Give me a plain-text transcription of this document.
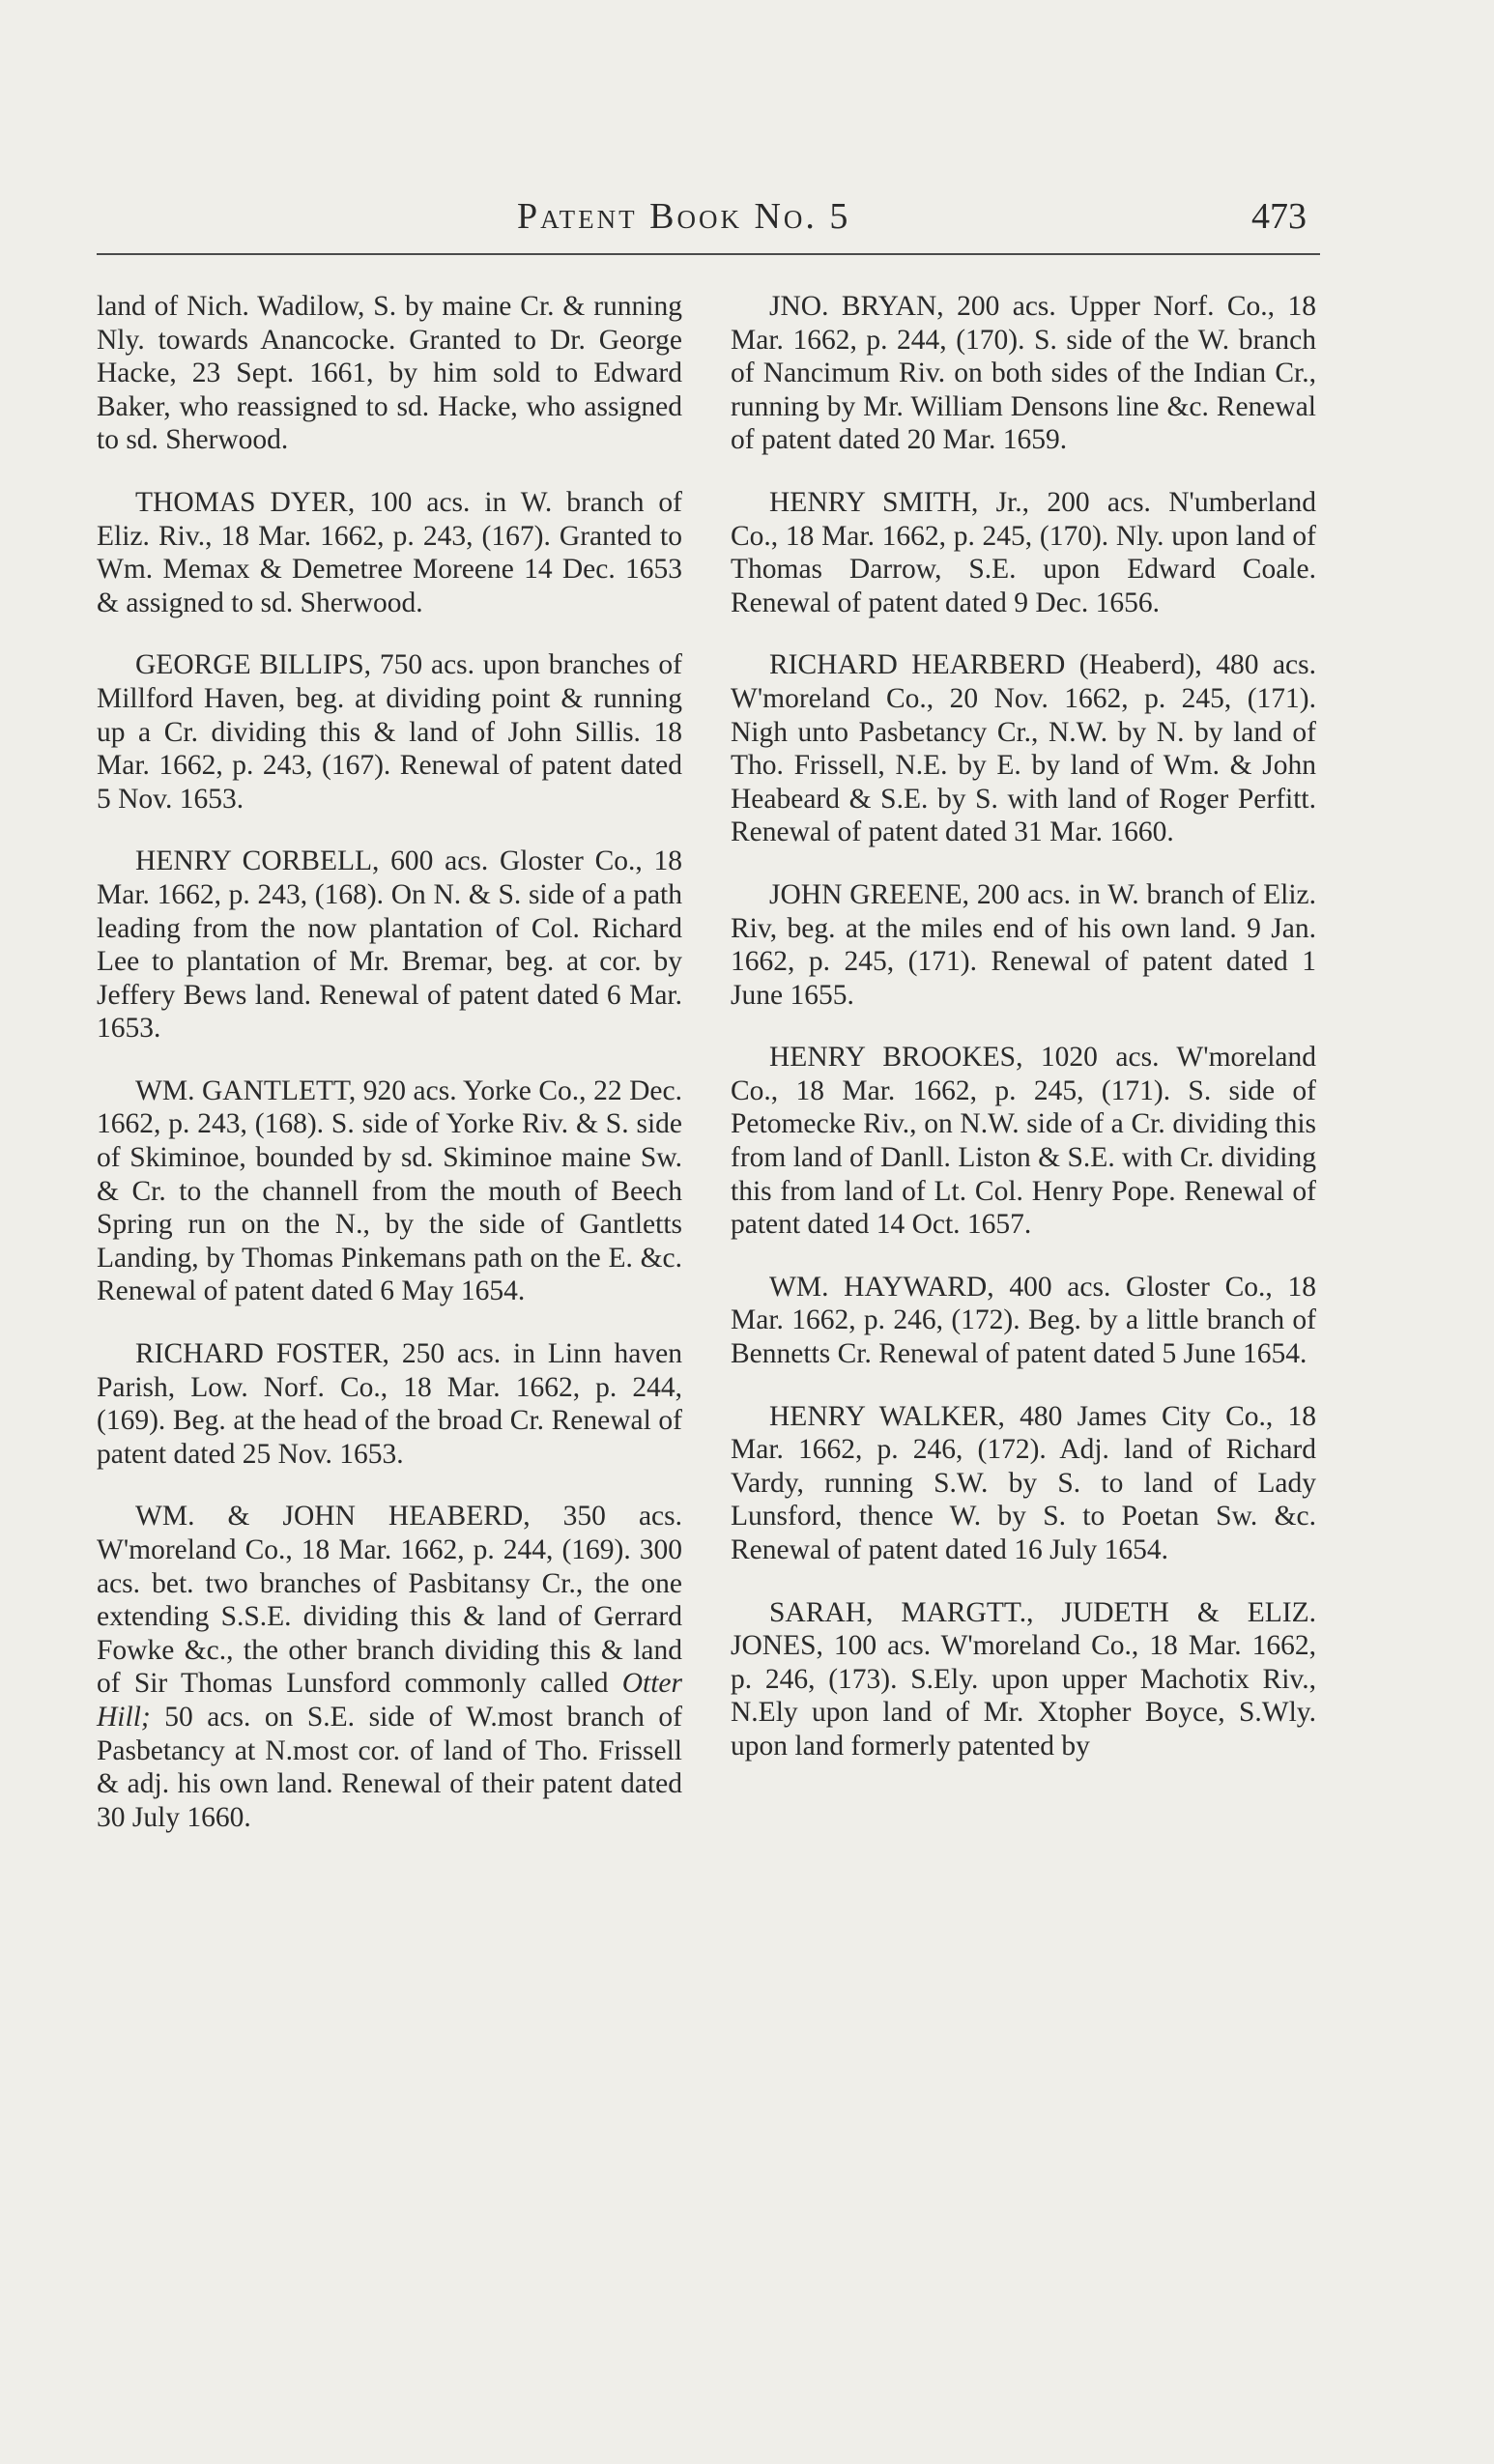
Patent Book No. 5	473

land of Nich. Wadilow, S. by maine Cr. & running Nly. towards Anancocke. Granted to Dr. George Hacke, 23 Sept. 1661, by him sold to Edward Baker, who reassigned to sd. Hacke, who assigned to sd. Sherwood.

THOMAS DYER, 100 acs. in W. branch of Eliz. Riv., 18 Mar. 1662, p. 243, (167). Granted to Wm. Memax & Demetree Moreene 14 Dec. 1653 & assigned to sd. Sherwood.

GEORGE BILLIPS, 750 acs. upon branches of Millford Haven, beg. at dividing point & running up a Cr. dividing this & land of John Sillis. 18 Mar. 1662, p. 243, (167). Renewal of patent dated 5 Nov. 1653.

HENRY CORBELL, 600 acs. Gloster Co., 18 Mar. 1662, p. 243, (168). On N. & S. side of a path leading from the now plantation of Col. Richard Lee to plantation of Mr. Bremar, beg. at cor. by Jeffery Bews land. Renewal of patent dated 6 Mar. 1653.

WM. GANTLETT, 920 acs. Yorke Co., 22 Dec. 1662, p. 243, (168). S. side of Yorke Riv. & S. side of Skiminoe, bounded by sd. Skiminoe maine Sw. & Cr. to the channell from the mouth of Beech Spring run on the N., by the side of Gantletts Landing, by Thomas Pinkemans path on the E. &c. Renewal of patent dated 6 May 1654.

RICHARD FOSTER, 250 acs. in Linn haven Parish, Low. Norf. Co., 18 Mar. 1662, p. 244, (169). Beg. at the head of the broad Cr. Renewal of patent dated 25 Nov. 1653.

WM. & JOHN HEABERD, 350 acs. W'moreland Co., 18 Mar. 1662, p. 244, (169). 300 acs. bet. two branches of Pasbitansy Cr., the one extending S.S.E. dividing this & land of Gerrard Fowke &c., the other branch dividing this & land of Sir Thomas Lunsford commonly called Otter Hill; 50 acs. on S.E. side of W.most branch of Pasbetancy at N.most cor. of land of Tho. Frissell & adj. his own land. Renewal of their patent dated 30 July 1660.

JNO. BRYAN, 200 acs. Upper Norf. Co., 18 Mar. 1662, p. 244, (170). S. side of the W. branch of Nancimum Riv. on both sides of the Indian Cr., running by Mr. William Densons line &c. Renewal of patent dated 20 Mar. 1659.

HENRY SMITH, Jr., 200 acs. N'umberland Co., 18 Mar. 1662, p. 245, (170). Nly. upon land of Thomas Darrow, S.E. upon Edward Coale. Renewal of patent dated 9 Dec. 1656.

RICHARD HEARBERD (Heaberd), 480 acs. W'moreland Co., 20 Nov. 1662, p. 245, (171). Nigh unto Pasbetancy Cr., N.W. by N. by land of Tho. Frissell, N.E. by E. by land of Wm. & John Heabeard & S.E. by S. with land of Roger Perfitt. Renewal of patent dated 31 Mar. 1660.

JOHN GREENE, 200 acs. in W. branch of Eliz. Riv, beg. at the miles end of his own land. 9 Jan. 1662, p. 245, (171). Renewal of patent dated 1 June 1655.

HENRY BROOKES, 1020 acs. W'moreland Co., 18 Mar. 1662, p. 245, (171). S. side of Petomecke Riv., on N.W. side of a Cr. dividing this from land of Danll. Liston & S.E. with Cr. dividing this from land of Lt. Col. Henry Pope. Renewal of patent dated 14 Oct. 1657.

WM. HAYWARD, 400 acs. Gloster Co., 18 Mar. 1662, p. 246, (172). Beg. by a little branch of Bennetts Cr. Renewal of patent dated 5 June 1654.

HENRY WALKER, 480 James City Co., 18 Mar. 1662, p. 246, (172). Adj. land of Richard Vardy, running S.W. by S. to land of Lady Lunsford, thence W. by S. to Poetan Sw. &c. Renewal of patent dated 16 July 1654.

SARAH, MARGTT., JUDETH & ELIZ. JONES, 100 acs. W'moreland Co., 18 Mar. 1662, p. 246, (173). S.Ely. upon upper Machotix Riv., N.Ely upon land of Mr. Xtopher Boyce, S.Wly. upon land formerly patented by
